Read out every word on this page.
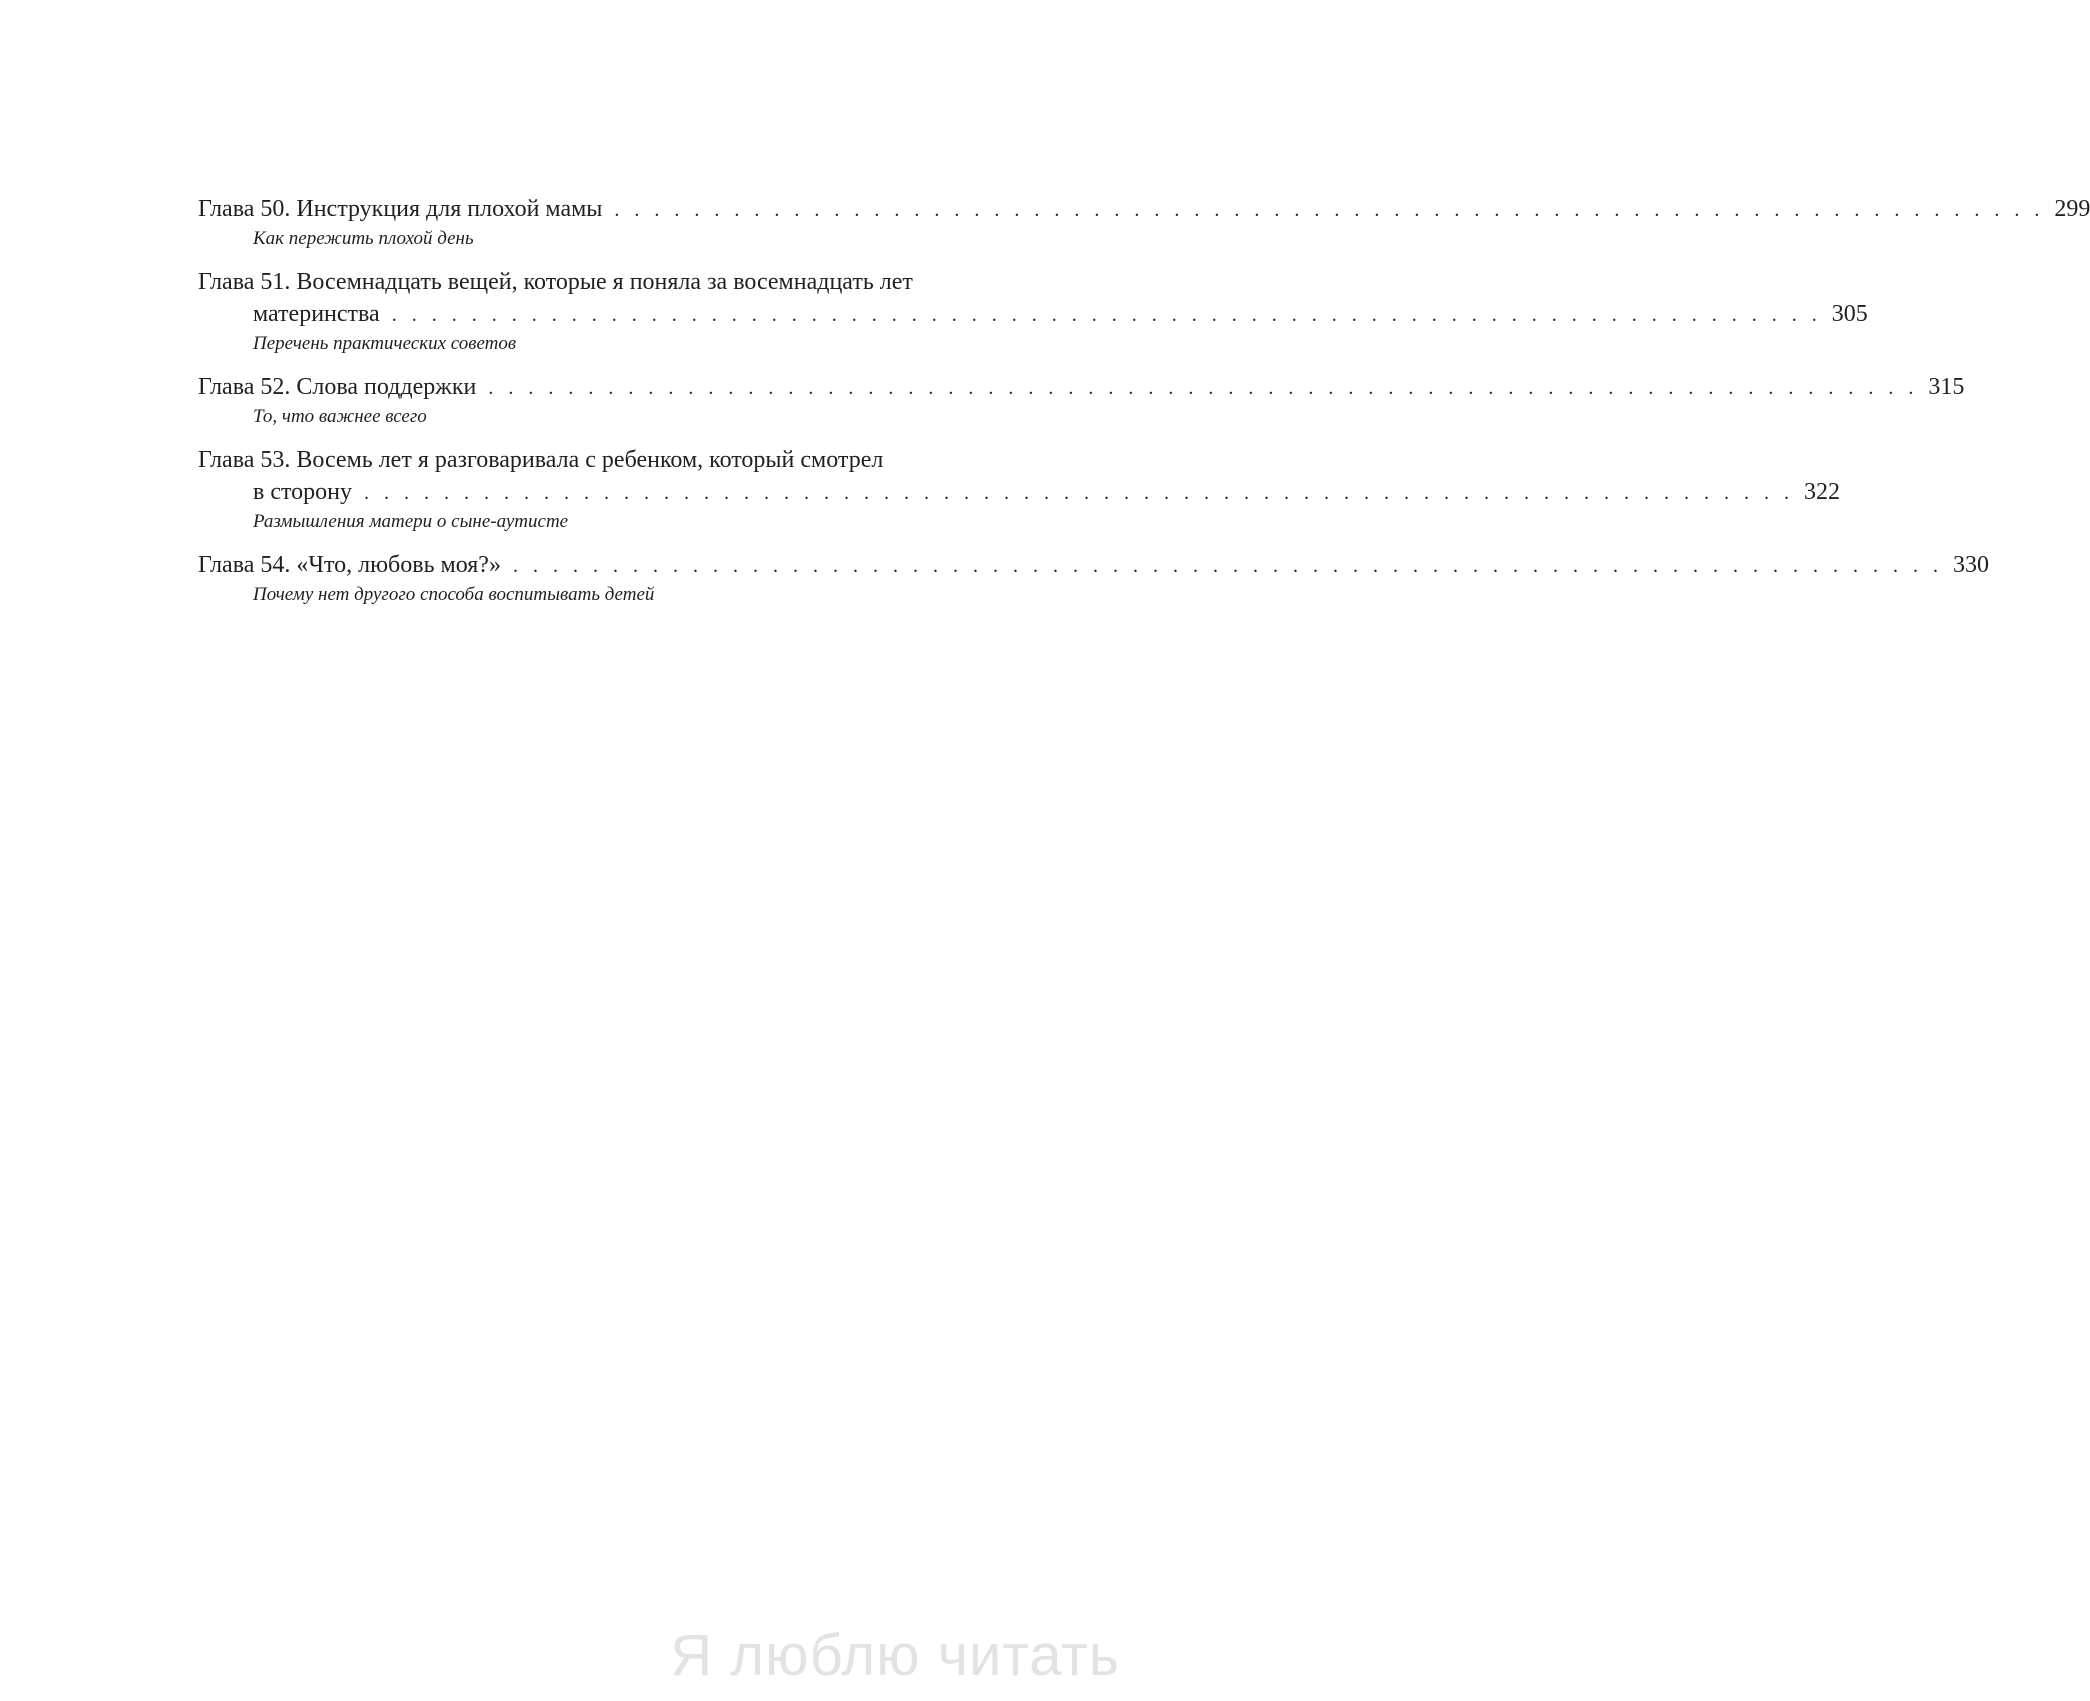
Глава 50. Инструкция для плохой мамы . . . . . . . . . . . . . . . . . . . . . . . . . . . . . . . . . . . . . . . . . . . . . . . . . . . . . . . . . . . . . . . . . . . . . . . . 299
Как пережить плохой день
Глава 51. Восемнадцать вещей, которые я поняла за восемнадцать лет
материнства . . . . . . . . . . . . . . . . . . . . . . . . . . . . . . . . . . . . . . . . . . . . . . . . . . . . . . . . . . . . . . . . . . . . . . . . 305
Перечень практических советов
Глава 52. Слова поддержки . . . . . . . . . . . . . . . . . . . . . . . . . . . . . . . . . . . . . . . . . . . . . . . . . . . . . . . . . . . . . . . . . . . . . . . . 315
То, что важнее всего
Глава 53. Восемь лет я разговаривала с ребенком, который смотрел
в сторону . . . . . . . . . . . . . . . . . . . . . . . . . . . . . . . . . . . . . . . . . . . . . . . . . . . . . . . . . . . . . . . . . . . . . . . . 322
Размышления матери о сыне-аутисте
Глава 54. «Что, любовь моя?» . . . . . . . . . . . . . . . . . . . . . . . . . . . . . . . . . . . . . . . . . . . . . . . . . . . . . . . . . . . . . . . . . . . . . . . . 330
Почему нет другого способа воспитывать детей
Я люблю читать
